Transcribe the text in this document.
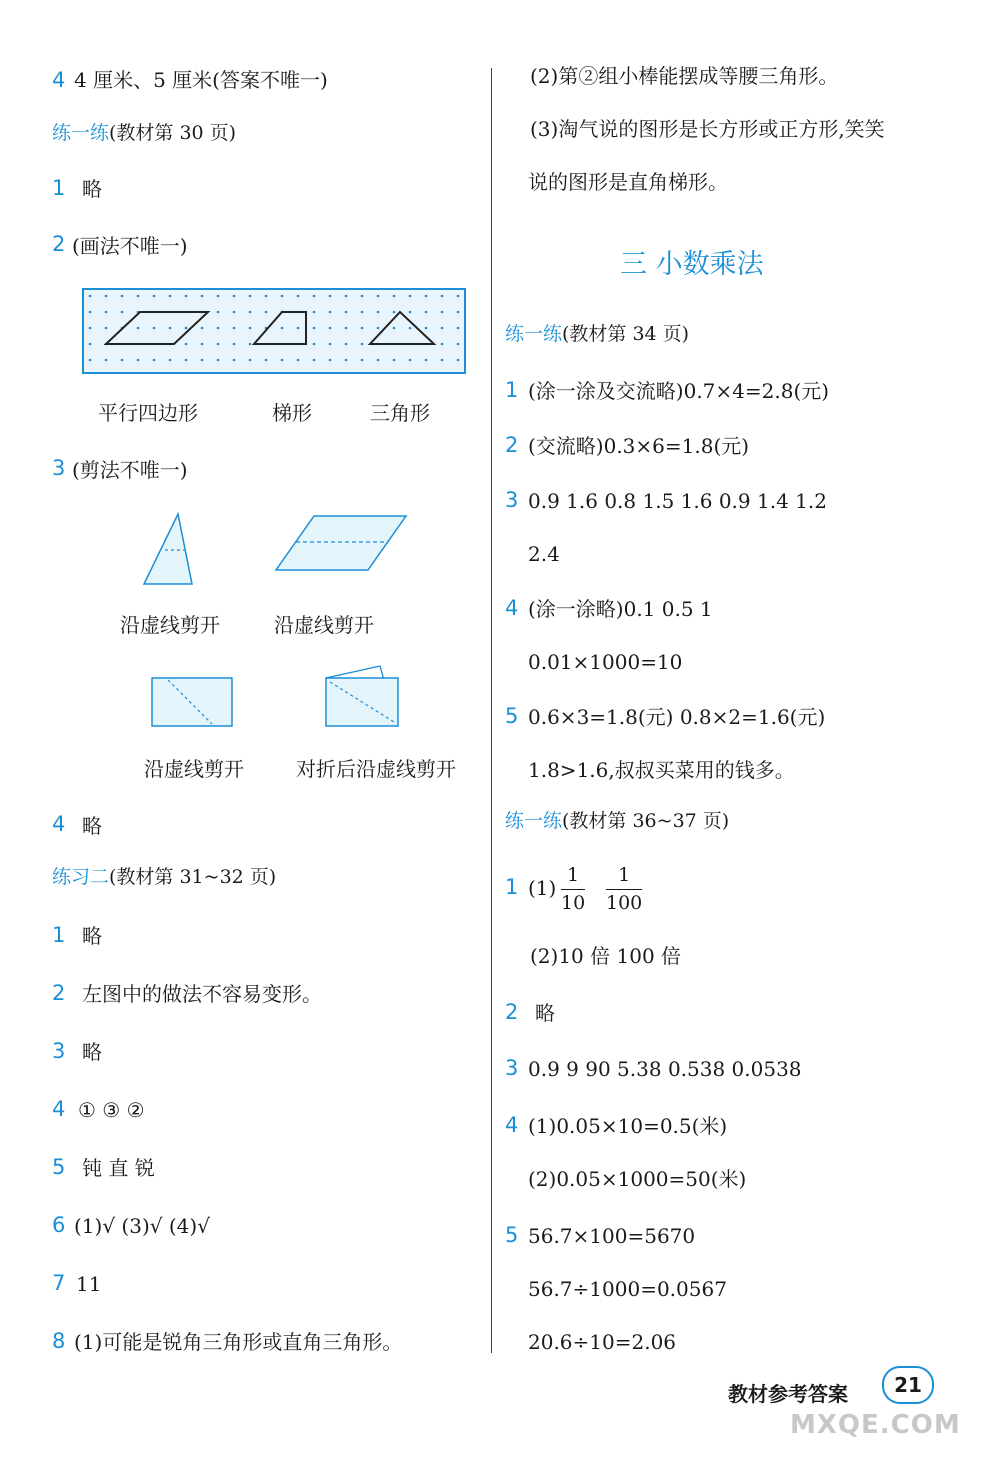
4 4 厘米、5 厘米(答案不唯一)
练一练(教材第 30 页)
1 略
2 (画法不唯一)
平行四边形	梯形	三角形
3 (剪法不唯一)
沿虚线剪开	沿虚线剪开
沿虚线剪开	对折后沿虚线剪开
4 略
练习二(教材第 31~32 页)
1 略
2 左图中的做法不容易变形。
3 略
4 ① ③ ②
5 钝 直 锐
6 (1)√ (3)√ (4)√
7 11
8 (1)可能是锐角三角形或直角三角形。
(2)第②组小棒能摆成等腰三角形。
(3)淘气说的图形是长方形或正方形,笑笑
说的图形是直角梯形。
三 小数乘法
练一练(教材第 34 页)
1 (涂一涂及交流略)0.7×4=2.8(元)
2 (交流略)0.3×6=1.8(元)
3 0.9 1.6 0.8 1.5 1.6 0.9 1.4 1.2
2.4
4 (涂一涂略)0.1 0.5 1
0.01×1000=10
5 0.6×3=1.8(元) 0.8×2=1.6(元)
1.8>1.6,叔叔买菜用的钱多。
练一练(教材第 36~37 页)
1 (1)
1
10
1
100
(2)10 倍 100 倍
2 略
3 0.9 9 90 5.38 0.538 0.0538
4 (1)0.05×10=0.5(米)
(2)0.05×1000=50(米)
5 56.7×100=5670
56.7÷1000=0.0567
20.6÷10=2.06
教材参考答案	21
MXQE.COM
